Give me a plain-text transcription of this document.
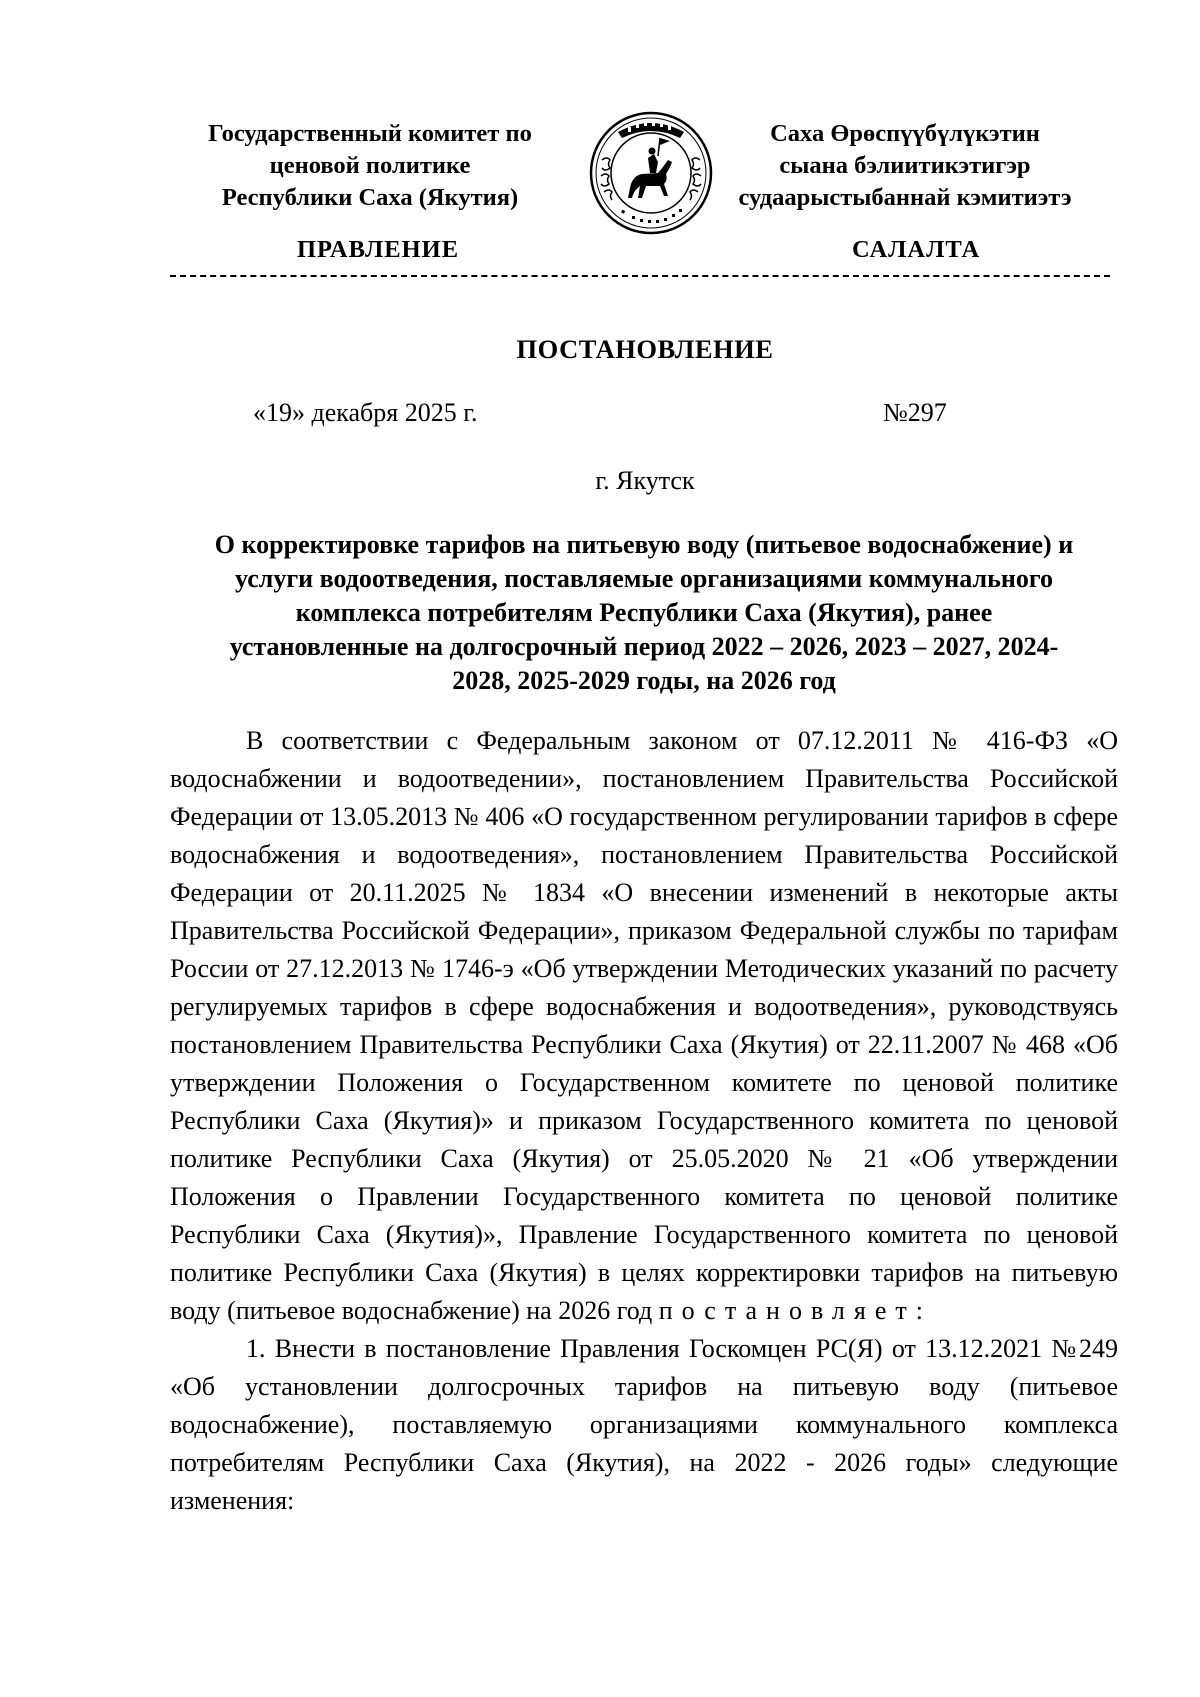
Государственный комитет по
ценовой политике
Республики Саха (Якутия)
Саха Өрөспүүбүлүкэтин
сыана бэлиитикэтигэр
судаарыстыбаннай кэмитиэтэ
ПРАВЛЕНИЕ	САЛАЛТА
ПОСТАНОВЛЕНИЕ
«19» декабря 2025 г.	№297
г. Якутск
О корректировке тарифов на питьевую воду (питьевое водоснабжение) и
услуги водоотведения, поставляемые организациями коммунального
комплекса потребителям Республики Саха (Якутия), ранее
установленные на долгосрочный период 2022 – 2026, 2023 – 2027, 2024-
2028, 2025-2029 годы, на 2026 год

В соответствии с Федеральным законом от 07.12.2011 № 416-ФЗ «О водоснабжении и водоотведении», постановлением Правительства Российской Федерации от 13.05.2013 № 406 «О государственном регулировании тарифов в сфере водоснабжения и водоотведения», постановлением Правительства Российской Федерации от 20.11.2025 № 1834 «О внесении изменений в некоторые акты Правительства Российской Федерации», приказом Федеральной службы по тарифам России от 27.12.2013 № 1746-э «Об утверждении Методических указаний по расчету регулируемых тарифов в сфере водоснабжения и водоотведения», руководствуясь постановлением Правительства Республики Саха (Якутия) от 22.11.2007 № 468 «Об утверждении Положения о Государственном комитете по ценовой политике Республики Саха (Якутия)» и приказом Государственного комитета по ценовой политике Республики Саха (Якутия) от 25.05.2020 № 21 «Об утверждении Положения о Правлении Государственного комитета по ценовой политике Республики Саха (Якутия)», Правление Государственного комитета по ценовой политике Республики Саха (Якутия) в целях корректировки тарифов на питьевую воду (питьевое водоснабжение) на 2026 год постановляет:

1. Внести в постановление Правления Госкомцен РС(Я) от 13.12.2021 №249 «Об установлении долгосрочных тарифов на питьевую воду (питьевое водоснабжение), поставляемую организациями коммунального комплекса потребителям Республики Саха (Якутия), на 2022 - 2026 годы» следующие изменения:
